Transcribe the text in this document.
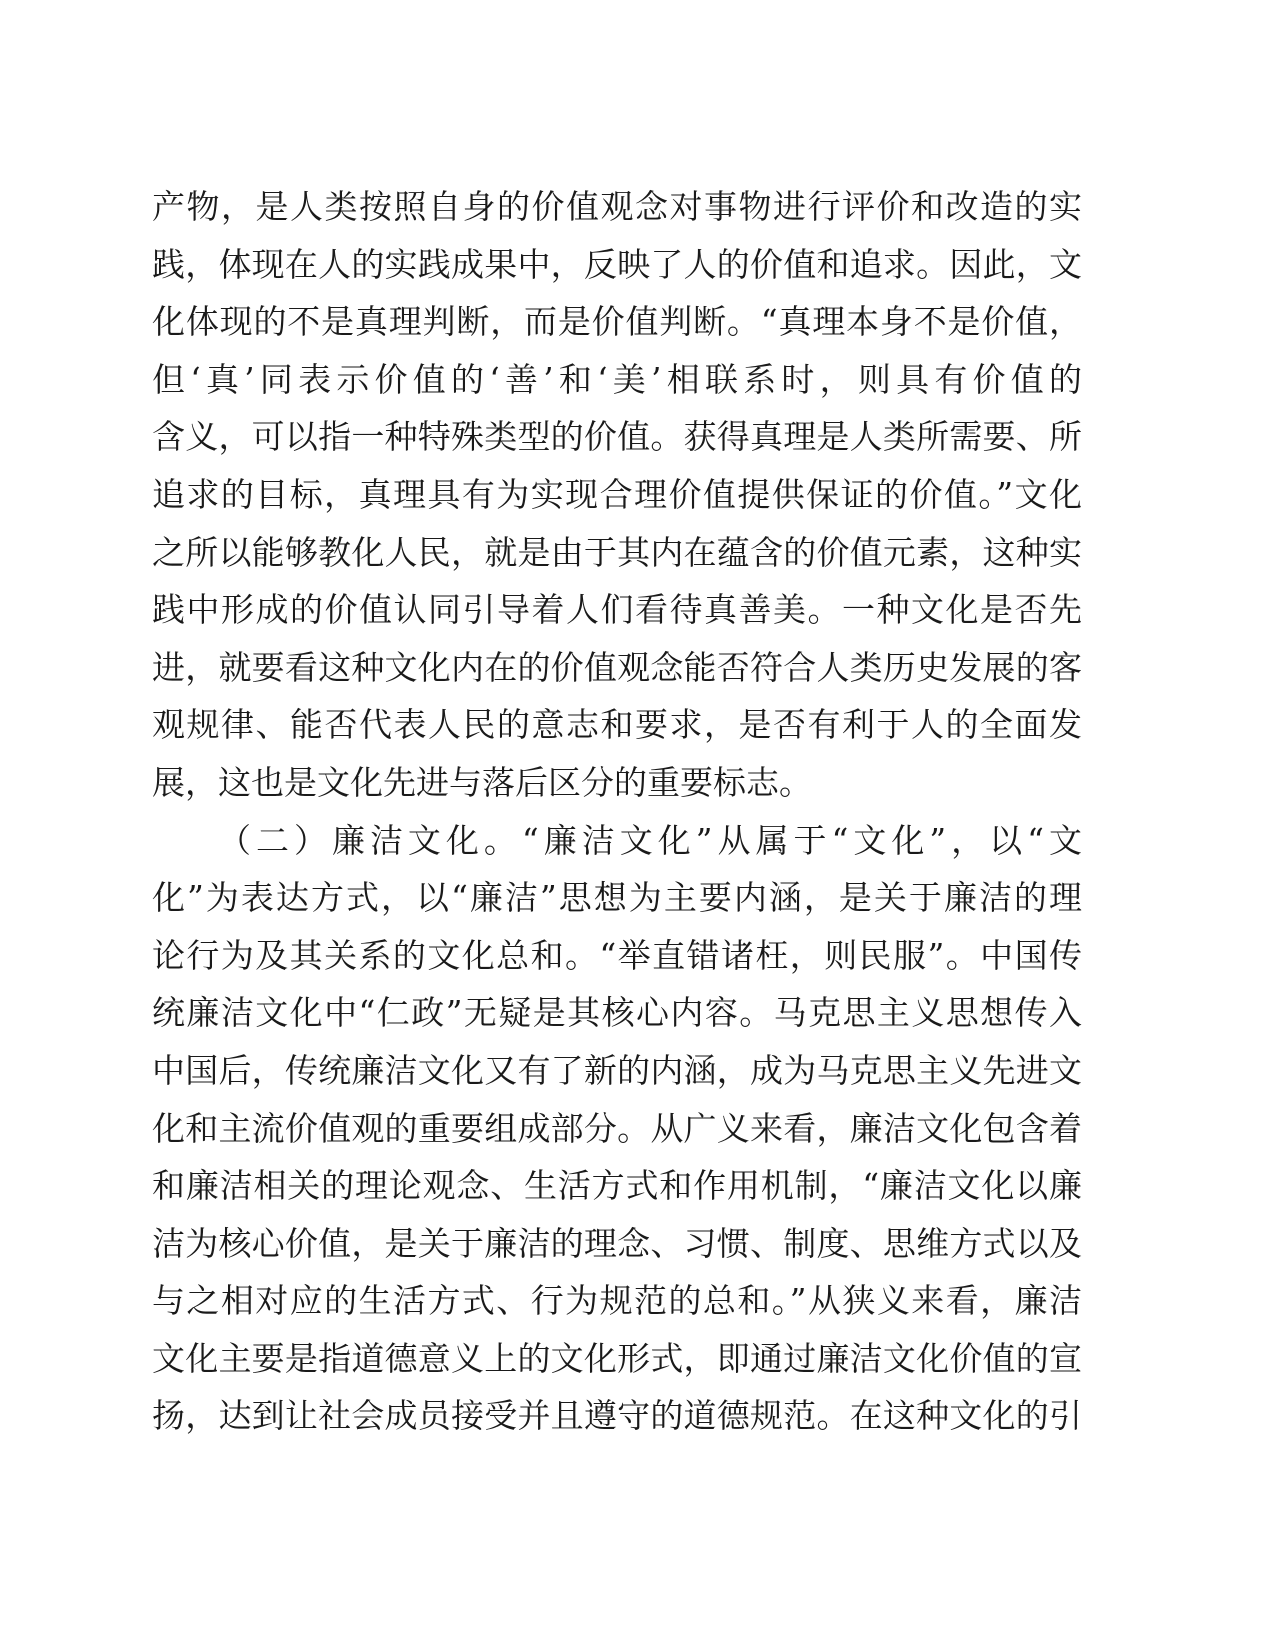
产物，是人类按照自身的价值观念对事物进行评价和改造的实
践，体现在人的实践成果中，反映了人的价值和追求。因此，文
化体现的不是真理判断，而是价值判断。“真理本身不是价值，
但‘真’同表示价值的‘善’和‘美’相联系时，则具有价值的
含义，可以指一种特殊类型的价值。获得真理是人类所需要、所
追求的目标，真理具有为实现合理价值提供保证的价值。”文化
之所以能够教化人民，就是由于其内在蕴含的价值元素，这种实
践中形成的价值认同引导着人们看待真善美。一种文化是否先
进，就要看这种文化内在的价值观念能否符合人类历史发展的客
观规律、能否代表人民的意志和要求，是否有利于人的全面发
展，这也是文化先进与落后区分的重要标志。
（二）廉洁文化。“廉洁文化”从属于“文化”，以“文
化”为表达方式，以“廉洁”思想为主要内涵，是关于廉洁的理
论行为及其关系的文化总和。“举直错诸枉，则民服”。中国传
统廉洁文化中“仁政”无疑是其核心内容。马克思主义思想传入
中国后，传统廉洁文化又有了新的内涵，成为马克思主义先进文
化和主流价值观的重要组成部分。从广义来看，廉洁文化包含着
和廉洁相关的理论观念、生活方式和作用机制，“廉洁文化以廉
洁为核心价值，是关于廉洁的理念、习惯、制度、思维方式以及
与之相对应的生活方式、行为规范的总和。”从狭义来看，廉洁
文化主要是指道德意义上的文化形式，即通过廉洁文化价值的宣
扬，达到让社会成员接受并且遵守的道德规范。在这种文化的引
